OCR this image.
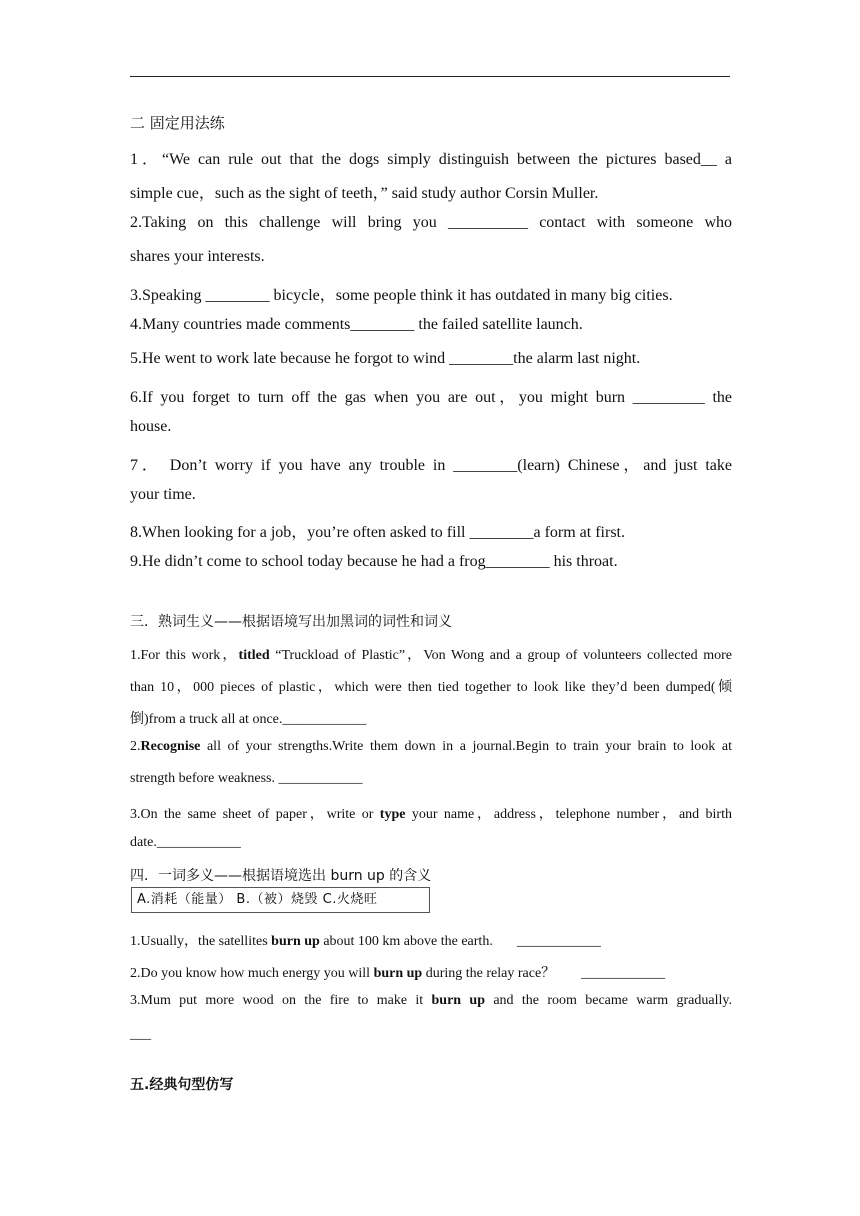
二 固定用法练
1．“We can rule out that the dogs simply distinguish between the pictures based__ a
simple cue，such as the sight of teeth，” said study author Corsin Muller.
2.Taking on this challenge will bring you __________ contact with someone who
shares your interests.
3.Speaking ________ bicycle，some people think it has outdated in many big cities.
4.Many countries made comments________ the failed satellite launch.
5.He went to work late because he forgot to wind ________the alarm last night.
6.If you forget to turn off the gas when you are out，you might burn _________ the
house.
7． Don’t worry if you have any trouble in ________(learn) Chinese，and just take
your time.
8.When looking for a job，you’re often asked to fill ________a form at first.
9.He didn’t come to school today because he had a frog________ his throat.
三．熟词生义——根据语境写出加黑词的词性和词义
1.For this work，titled “Truckload of Plastic”，Von Wong and a group of volunteers collected more
than 10，000 pieces of plastic，which were then tied together to look like they’d been dumped(倾
倒)from a truck all at once.____________
2.Recognise all of your strengths.Write them down in a journal.Begin to train your brain to look at
strength before weakness. ____________
3.On the same sheet of paper，write or type your name，address，telephone number，and birth
date.____________
四．一词多义——根据语境选出 burn up 的含义
A.消耗（能量） B.（被）烧毁 C.火烧旺
1.Usually，the satellites burn up about 100 km above the earth. ____________
2.Do you know how much energy you will burn up during the relay race？ ____________
3.Mum put more wood on the fire to make it burn up and the room became warm gradually.
___
五.经典句型仿写
